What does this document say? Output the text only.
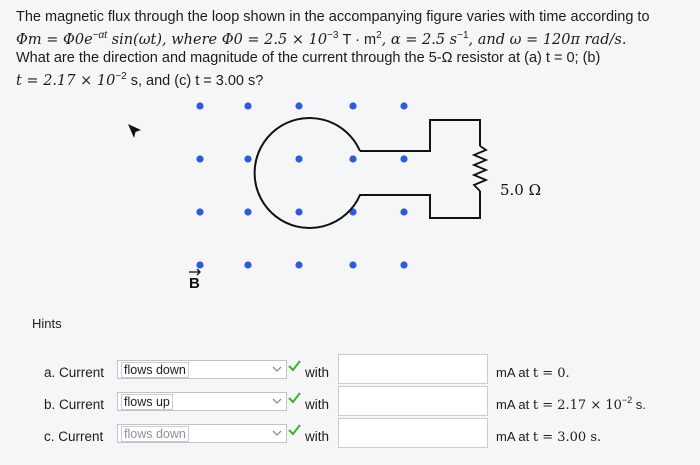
The magnetic flux through the loop shown in the accompanying figure varies with time according to
$\Phi m = \Phi 0e^{-\alpha t}$ sin(ωt), where $\Phi 0 = 2.5 \times 10^{-3}$ $T \cdot m^2$, α = 2.5 $s^{-1}$, and ω = 120π rad/s.
What are the direction and magnitude of the current through the 5-Ω resistor at (a) t = 0; (b)
$t = 2.17 \times 10^{-2}$ s, and (c) t = 3.00 s?
5.0 Ω
B
Hints
a. Current	flows down	with	mA at t = 0.
b. Current	flows up	with	mA at $t = 2.17 \times 10^{-2}$ s.
c. Current	flows down	with	mA at t = 3.00 s.
